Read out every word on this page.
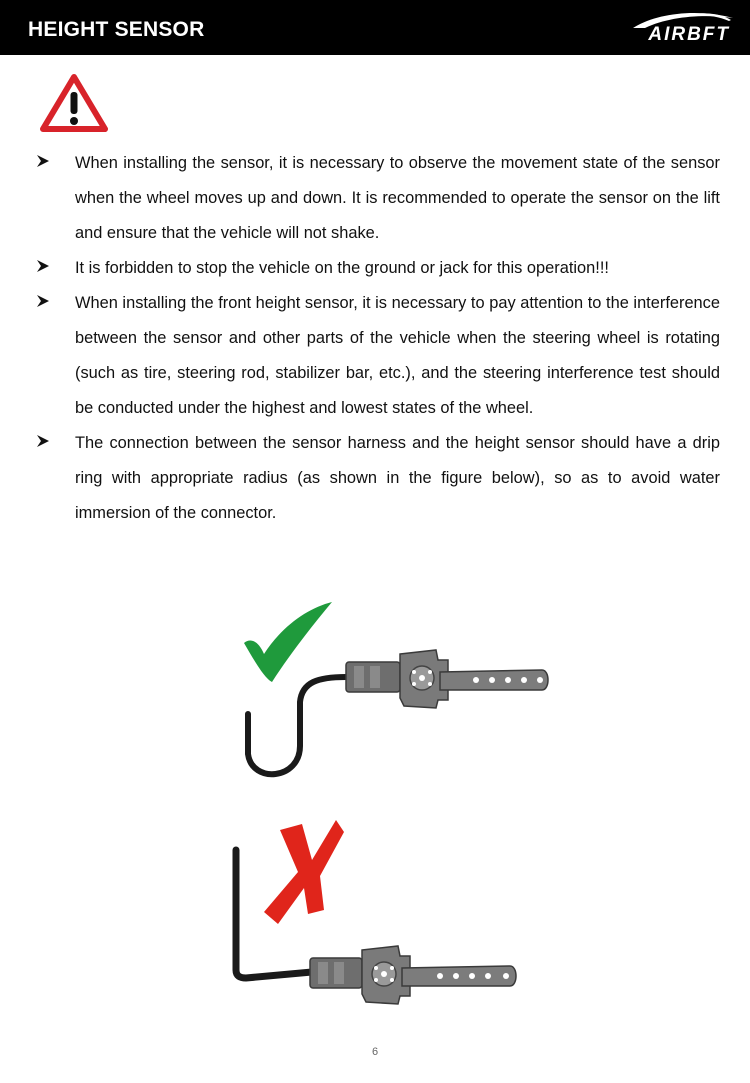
HEIGHT SENSOR	AIRBFT
When installing the sensor, it is necessary to observe the movement state of the sensor when the wheel moves up and down. It is recommended to operate the sensor on the lift and ensure that the vehicle will not shake.
It is forbidden to stop the vehicle on the ground or jack for this operation!!!
When installing the front height sensor, it is necessary to pay attention to the interference between the sensor and other parts of the vehicle when the steering wheel is rotating (such as tire, steering rod, stabilizer bar, etc.), and the steering interference test should be conducted under the highest and lowest states of the wheel.
The connection between the sensor harness and the height sensor should have a drip ring with appropriate radius (as shown in the figure below), so as to avoid water immersion of the connector.
6
